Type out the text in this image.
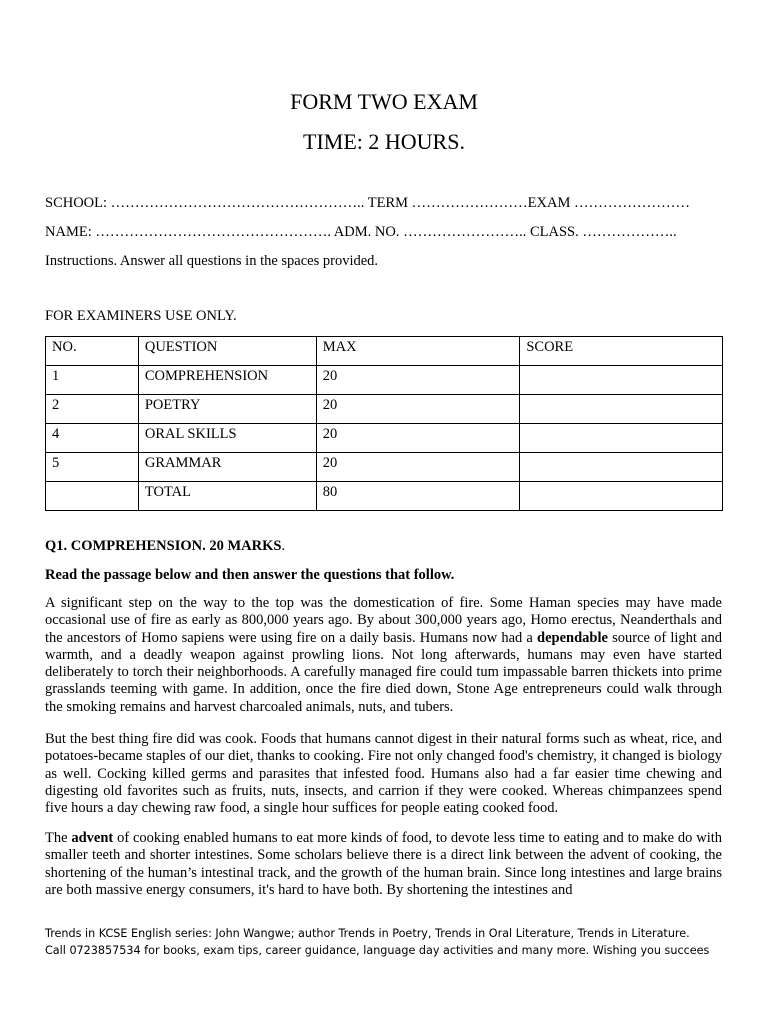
FORM TWO EXAM
TIME: 2 HOURS.
SCHOOL: …………………………………………….. TERM ……………………EXAM ……………………
NAME: …………………………………………. ADM. NO. …………………….. CLASS. ………………..
Instructions. Answer all questions in the spaces provided.
FOR EXAMINERS USE ONLY.
NO.	QUESTION	MAX	SCORE
1	COMPREHENSION	20	
2	POETRY	20	
4	ORAL SKILLS	20	
5	GRAMMAR	20	
	TOTAL	80	
Q1. COMPREHENSION. 20 MARKS.
Read the passage below and then answer the questions that follow.

A significant step on the way to the top was the domestication of fire. Some Haman species may have made occasional use of fire as early as 800,000 years ago. By about 300,000 years ago, Homo erectus, Neanderthals and the ancestors of Homo sapiens were using fire on a daily basis. Humans now had a dependable source of light and warmth, and a deadly weapon against prowling lions. Not long afterwards, humans may even have started deliberately to torch their neighborhoods. A carefully managed fire could tum impassable barren thickets into prime grasslands teeming with game. In addition, once the fire died down, Stone Age entrepreneurs could walk through the smoking remains and harvest charcoaled animals, nuts, and tubers.

But the best thing fire did was cook. Foods that humans cannot digest in their natural forms such as wheat, rice, and potatoes-became staples of our diet, thanks to cooking. Fire not only changed food's chemistry, it changed is biology as well. Cocking killed germs and parasites that infested food. Humans also had a far easier time chewing and digesting old favorites such as fruits, nuts, insects, and carrion if they were cooked. Whereas chimpanzees spend five hours a day chewing raw food, a single hour suffices for people eating cooked food.

The advent of cooking enabled humans to eat more kinds of food, to devote less time to eating and to make do with smaller teeth and shorter intestines. Some scholars believe there is a direct link between the advent of cooking, the shortening of the human’s intestinal track, and the growth of the human brain. Since long intestines and large brains are both massive energy consumers, it's hard to have both. By shortening the intestines and

Trends in KCSE English series: John Wangwe; author Trends in Poetry, Trends in Oral Literature, Trends in Literature.
Call 0723857534 for books, exam tips, career guidance, language day activities and many more. Wishing you succees
